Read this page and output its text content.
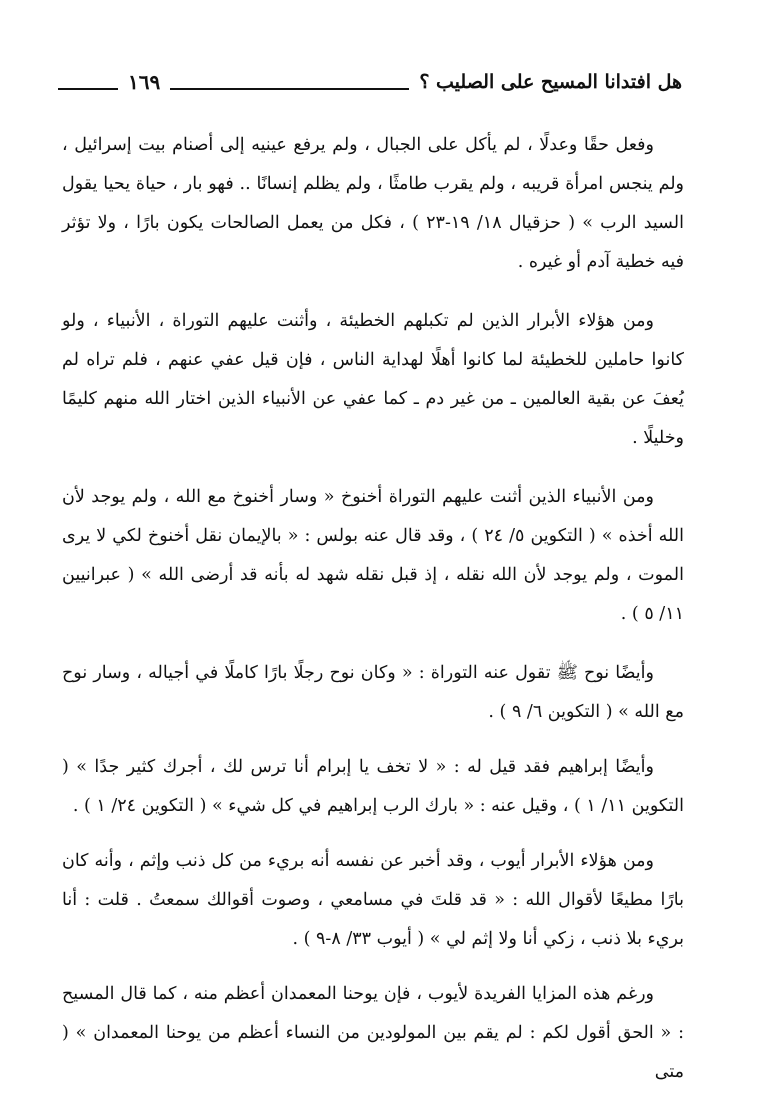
هل افتدانا المسيح على الصليب ؟
١٦٩

وفعل حقًا وعدلًا ، لم يأكل على الجبال ، ولم يرفع عينيه إلى أصنام بيت إسرائيل ، ولم ينجس امرأة قريبه ، ولم يقرب طامثًا ، ولم يظلم إنسانًا .. فهو بار ، حياة يحيا يقول السيد الرب » ( حزقيال ١٨/ ١٩-٢٣ ) ، فكل من يعمل الصالحات يكون بارًا ، ولا تؤثر فيه خطية آدم أو غيره .

ومن هؤلاء الأبرار الذين لم تكبلهم الخطيئة ، وأثنت عليهم التوراة ، الأنبياء ، ولو كانوا حاملين للخطيئة لما كانوا أهلًا لهداية الناس ، فإن قيل عفي عنهم ، فلم تراه لم يُعفَ عن بقية العالمين ـ من غير دم ـ كما عفي عن الأنبياء الذين اختار الله منهم كليمًا وخليلًا .

ومن الأنبياء الذين أثنت عليهم التوراة أخنوخ « وسار أخنوخ مع الله ، ولم يوجد لأن الله أخذه » ( التكوين ٥/ ٢٤ ) ، وقد قال عنه بولس : « بالإيمان نقل أخنوخ لكي لا يرى الموت ، ولم يوجد لأن الله نقله ، إذ قبل نقله شهد له بأنه قد أرضى الله » ( عبرانيين ١١/ ٥ ) .

وأيضًا نوح ﷺ تقول عنه التوراة : « وكان نوح رجلًا بارًا كاملًا في أجياله ، وسار نوح مع الله » ( التكوين ٦/ ٩ ) .

وأيضًا إبراهيم فقد قيل له : « لا تخف يا إبرام أنا ترس لك ، أجرك كثير جدًا » ( التكوين ١١/ ١ ) ، وقيل عنه : « بارك الرب إبراهيم في كل شيء » ( التكوين ٢٤/ ١ ) .

ومن هؤلاء الأبرار أيوب ، وقد أخبر عن نفسه أنه بريء من كل ذنب وإثم ، وأنه كان بارًا مطيعًا لأقوال الله : « قد قلتَ في مسامعي ، وصوت أقوالك سمعتُ . قلت : أنا بريء بلا ذنب ، زكي أنا ولا إثم لي » ( أيوب ٣٣/ ٨-٩ ) .

ورغم هذه المزايا الفريدة لأيوب ، فإن يوحنا المعمدان أعظم منه ، كما قال المسيح : « الحق أقول لكم : لم يقم بين المولودين من النساء أعظم من يوحنا المعمدان » ( متى
